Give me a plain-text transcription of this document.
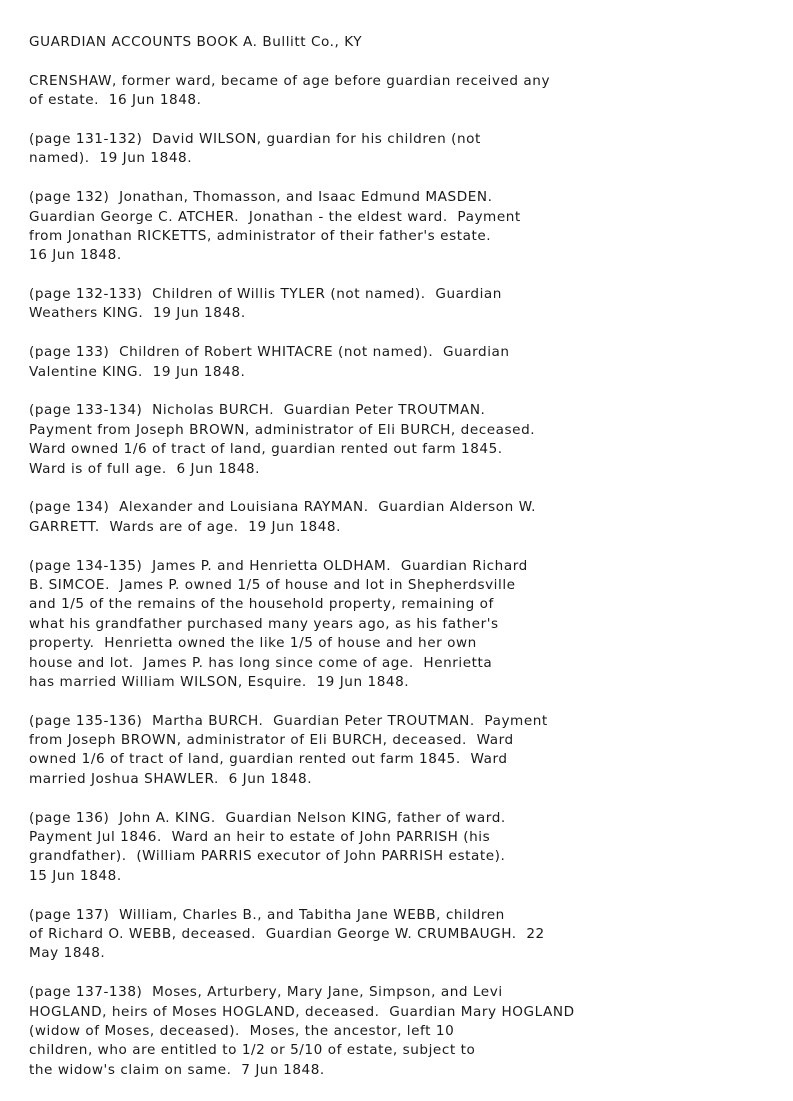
GUARDIAN ACCOUNTS BOOK A. Bullitt Co., KY
CRENSHAW, former ward, became of age before guardian received any
of estate.  16 Jun 1848.
(page 131-132)  David WILSON, guardian for his children (not
named).  19 Jun 1848.
(page 132)  Jonathan, Thomasson, and Isaac Edmund MASDEN.
Guardian George C. ATCHER.  Jonathan - the eldest ward.  Payment
from Jonathan RICKETTS, administrator of their father's estate.
16 Jun 1848.
(page 132-133)  Children of Willis TYLER (not named).  Guardian
Weathers KING.  19 Jun 1848.
(page 133)  Children of Robert WHITACRE (not named).  Guardian
Valentine KING.  19 Jun 1848.
(page 133-134)  Nicholas BURCH.  Guardian Peter TROUTMAN.
Payment from Joseph BROWN, administrator of Eli BURCH, deceased.
Ward owned 1/6 of tract of land, guardian rented out farm 1845.
Ward is of full age.  6 Jun 1848.
(page 134)  Alexander and Louisiana RAYMAN.  Guardian Alderson W.
GARRETT.  Wards are of age.  19 Jun 1848.
(page 134-135)  James P. and Henrietta OLDHAM.  Guardian Richard
B. SIMCOE.  James P. owned 1/5 of house and lot in Shepherdsville
and 1/5 of the remains of the household property, remaining of
what his grandfather purchased many years ago, as his father's
property.  Henrietta owned the like 1/5 of house and her own
house and lot.  James P. has long since come of age.  Henrietta
has married William WILSON, Esquire.  19 Jun 1848.
(page 135-136)  Martha BURCH.  Guardian Peter TROUTMAN.  Payment
from Joseph BROWN, administrator of Eli BURCH, deceased.  Ward
owned 1/6 of tract of land, guardian rented out farm 1845.  Ward
married Joshua SHAWLER.  6 Jun 1848.
(page 136)  John A. KING.  Guardian Nelson KING, father of ward.
Payment Jul 1846.  Ward an heir to estate of John PARRISH (his
grandfather).  (William PARRIS executor of John PARRISH estate).
15 Jun 1848.
(page 137)  William, Charles B., and Tabitha Jane WEBB, children
of Richard O. WEBB, deceased.  Guardian George W. CRUMBAUGH.  22
May 1848.
(page 137-138)  Moses, Arturbery, Mary Jane, Simpson, and Levi
HOGLAND, heirs of Moses HOGLAND, deceased.  Guardian Mary HOGLAND
(widow of Moses, deceased).  Moses, the ancestor, left 10
children, who are entitled to 1/2 or 5/10 of estate, subject to
the widow's claim on same.  7 Jun 1848.
